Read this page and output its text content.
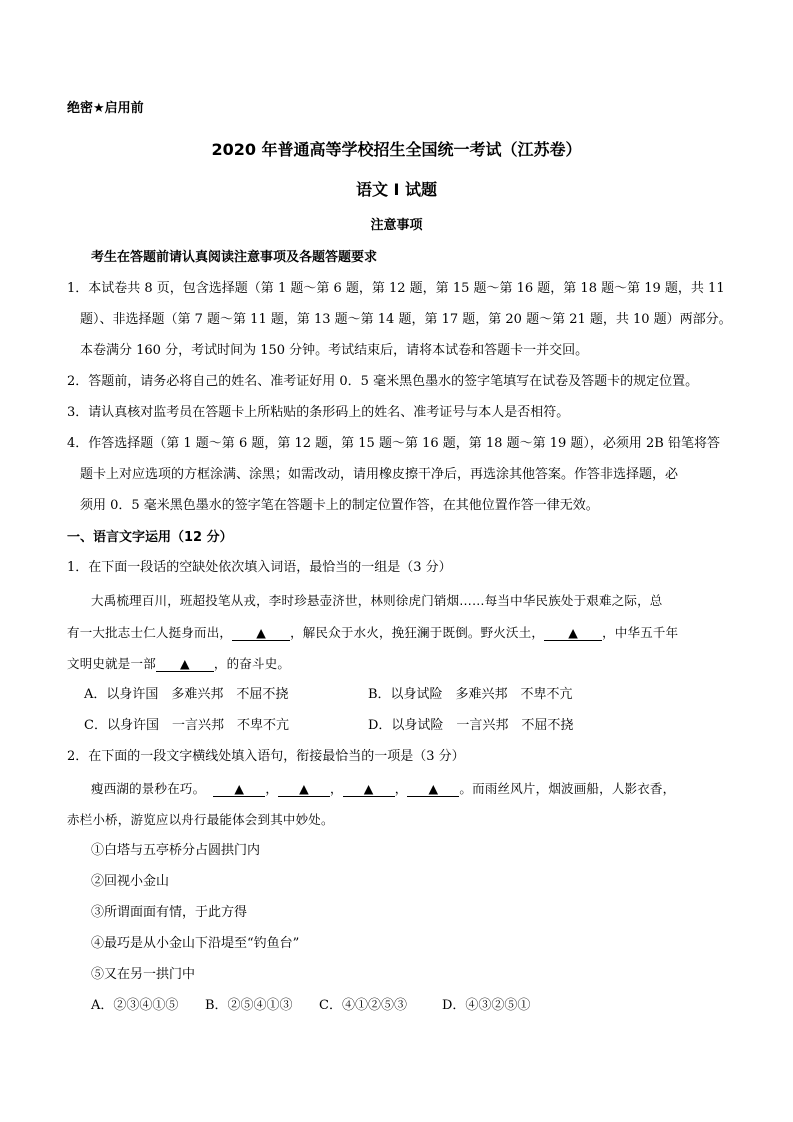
绝密★启用前
2020 年普通高等学校招生全国统一考试（江苏卷）
语文 I 试题
注意事项
考生在答题前请认真阅读注意事项及各题答题要求
1．本试卷共 8 页，包含选择题（第 1 题～第 6 题，第 12 题，第 15 题～第 16 题，第 18 题～第 19 题，共 11
题）、非选择题（第 7 题～第 11 题，第 13 题～第 14 题，第 17 题，第 20 题～第 21 题，共 10 题）两部分。
本卷满分 160 分，考试时间为 150 分钟。考试结束后，请将本试卷和答题卡一并交回。
2．答题前，请务必将自己的姓名、准考证好用 0．5 毫米黑色墨水的签字笔填写在试卷及答题卡的规定位置。
3．请认真核对监考员在答题卡上所粘贴的条形码上的姓名、准考证号与本人是否相符。
4．作答选择题（第 1 题～第 6 题，第 12 题，第 15 题～第 16 题，第 18 题～第 19 题），必须用 2B 铅笔将答
题卡上对应选项的方框涂满、涂黑；如需改动，请用橡皮擦干净后，再选涂其他答案。作答非选择题，必
须用 0．5 毫米黑色墨水的签字笔在答题卡上的制定位置作答，在其他位置作答一律无效。
一、语言文字运用（12 分）
1．在下面一段话的空缺处依次填入词语，最恰当的一组是（3 分）
大禹梳理百川，班超投笔从戎，李时珍悬壶济世，林则徐虎门销烟……每当中华民族处于艰难之际，总
有一大批志士仁人挺身而出， ▲ ，解民众于水火，挽狂澜于既倒。野火沃土， ▲ ，中华五千年
文明史就是一部 ▲ ，的奋斗史。
A．以身许国　多难兴邦　不屈不挠	B．以身试险　多难兴邦　不卑不亢
C．以身许国　一言兴邦　不卑不亢	D．以身试险　一言兴邦　不屈不挠
2．在下面的一段文字横线处填入语句，衔接最恰当的一项是（3 分）
瘦西湖的景秒在巧。 ▲ ， ▲ ， ▲ ， ▲ 。而雨丝风片，烟波画船，人影衣香，
赤栏小桥，游览应以舟行最能体会到其中妙处。
①白塔与五亭桥分占圆拱门内
②回视小金山
③所谓面面有情，于此方得
④最巧是从小金山下沿堤至“钓鱼台”
⑤又在另一拱门中
A．②③④①⑤ B．②⑤④①③ C．④①②⑤③	D．④③②⑤①
